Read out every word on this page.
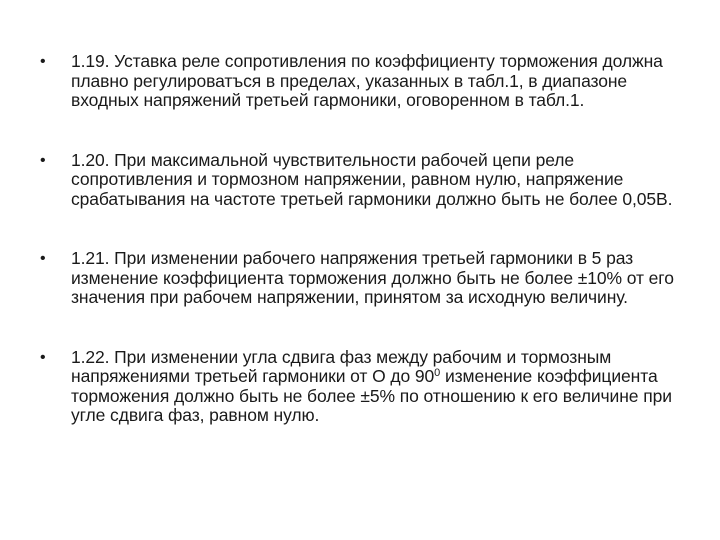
•	1.19. Уставка реле сопротивления по коэффициенту торможения должна плавно регулироватъся в пределах, указанных в табл.1, в диапазоне входных напряжений третьей гармоники, оговоренном в табл.1.
•	1.20. При максимальной чувствительности рабочей цепи реле сопротивления и тормозном напряжении, равном нулю, напряжение срабатывания на частоте третьей гармоники должно быть не более 0,05В.
•	1.21. При изменении рабочего напряжения третьей гармоники в 5 раз изменение коэффициента торможения должно быть не более ±10% от его значения при рабочем напряжении, принятом за исходную величину.
•	1.22. При изменении угла сдвига фаз между рабочим и тормозным напряжениями третьей гармоники от О до $90^0$ изменение коэффициента торможения должно быть не более ±5% по отношению к его величине при угле сдвига фаз, равном нулю.
